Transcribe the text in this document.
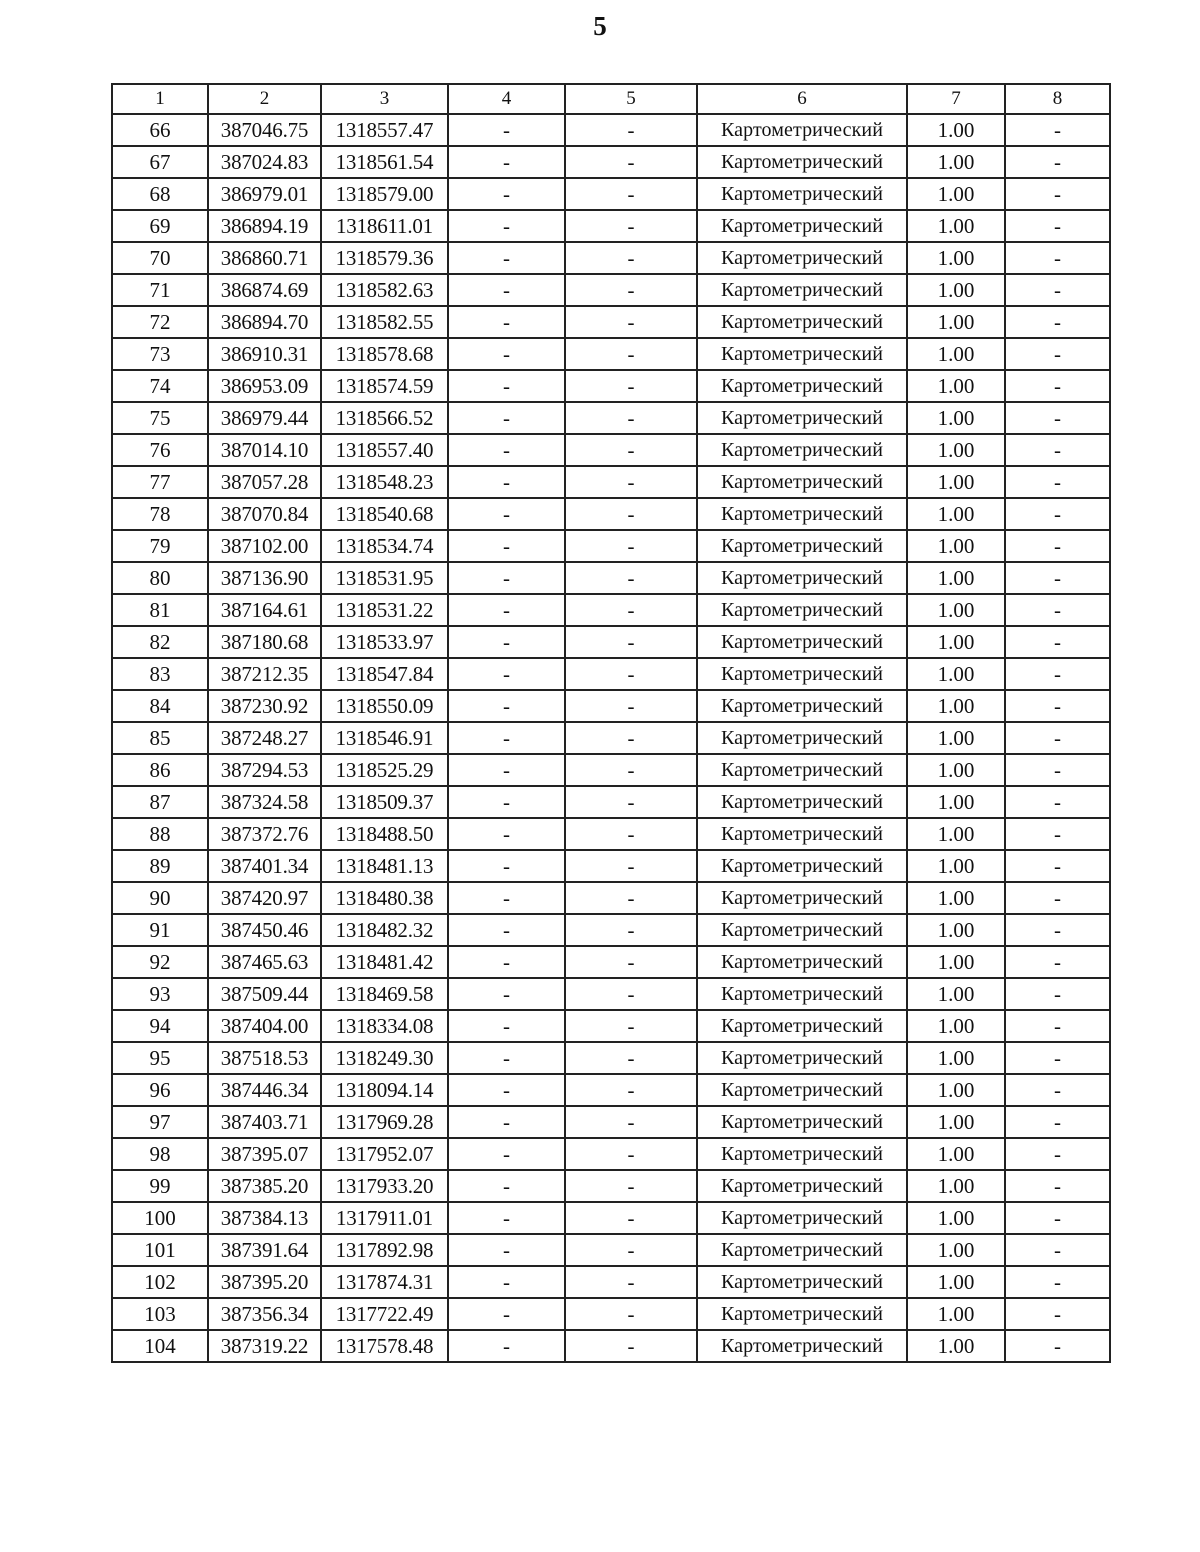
5
1	2	3	4	5	6	7	8
66	387046.75	1318557.47	-	-	Картометрический	1.00	-
67	387024.83	1318561.54	-	-	Картометрический	1.00	-
68	386979.01	1318579.00	-	-	Картометрический	1.00	-
69	386894.19	1318611.01	-	-	Картометрический	1.00	-
70	386860.71	1318579.36	-	-	Картометрический	1.00	-
71	386874.69	1318582.63	-	-	Картометрический	1.00	-
72	386894.70	1318582.55	-	-	Картометрический	1.00	-
73	386910.31	1318578.68	-	-	Картометрический	1.00	-
74	386953.09	1318574.59	-	-	Картометрический	1.00	-
75	386979.44	1318566.52	-	-	Картометрический	1.00	-
76	387014.10	1318557.40	-	-	Картометрический	1.00	-
77	387057.28	1318548.23	-	-	Картометрический	1.00	-
78	387070.84	1318540.68	-	-	Картометрический	1.00	-
79	387102.00	1318534.74	-	-	Картометрический	1.00	-
80	387136.90	1318531.95	-	-	Картометрический	1.00	-
81	387164.61	1318531.22	-	-	Картометрический	1.00	-
82	387180.68	1318533.97	-	-	Картометрический	1.00	-
83	387212.35	1318547.84	-	-	Картометрический	1.00	-
84	387230.92	1318550.09	-	-	Картометрический	1.00	-
85	387248.27	1318546.91	-	-	Картометрический	1.00	-
86	387294.53	1318525.29	-	-	Картометрический	1.00	-
87	387324.58	1318509.37	-	-	Картометрический	1.00	-
88	387372.76	1318488.50	-	-	Картометрический	1.00	-
89	387401.34	1318481.13	-	-	Картометрический	1.00	-
90	387420.97	1318480.38	-	-	Картометрический	1.00	-
91	387450.46	1318482.32	-	-	Картометрический	1.00	-
92	387465.63	1318481.42	-	-	Картометрический	1.00	-
93	387509.44	1318469.58	-	-	Картометрический	1.00	-
94	387404.00	1318334.08	-	-	Картометрический	1.00	-
95	387518.53	1318249.30	-	-	Картометрический	1.00	-
96	387446.34	1318094.14	-	-	Картометрический	1.00	-
97	387403.71	1317969.28	-	-	Картометрический	1.00	-
98	387395.07	1317952.07	-	-	Картометрический	1.00	-
99	387385.20	1317933.20	-	-	Картометрический	1.00	-
100	387384.13	1317911.01	-	-	Картометрический	1.00	-
101	387391.64	1317892.98	-	-	Картометрический	1.00	-
102	387395.20	1317874.31	-	-	Картометрический	1.00	-
103	387356.34	1317722.49	-	-	Картометрический	1.00	-
104	387319.22	1317578.48	-	-	Картометрический	1.00	-
